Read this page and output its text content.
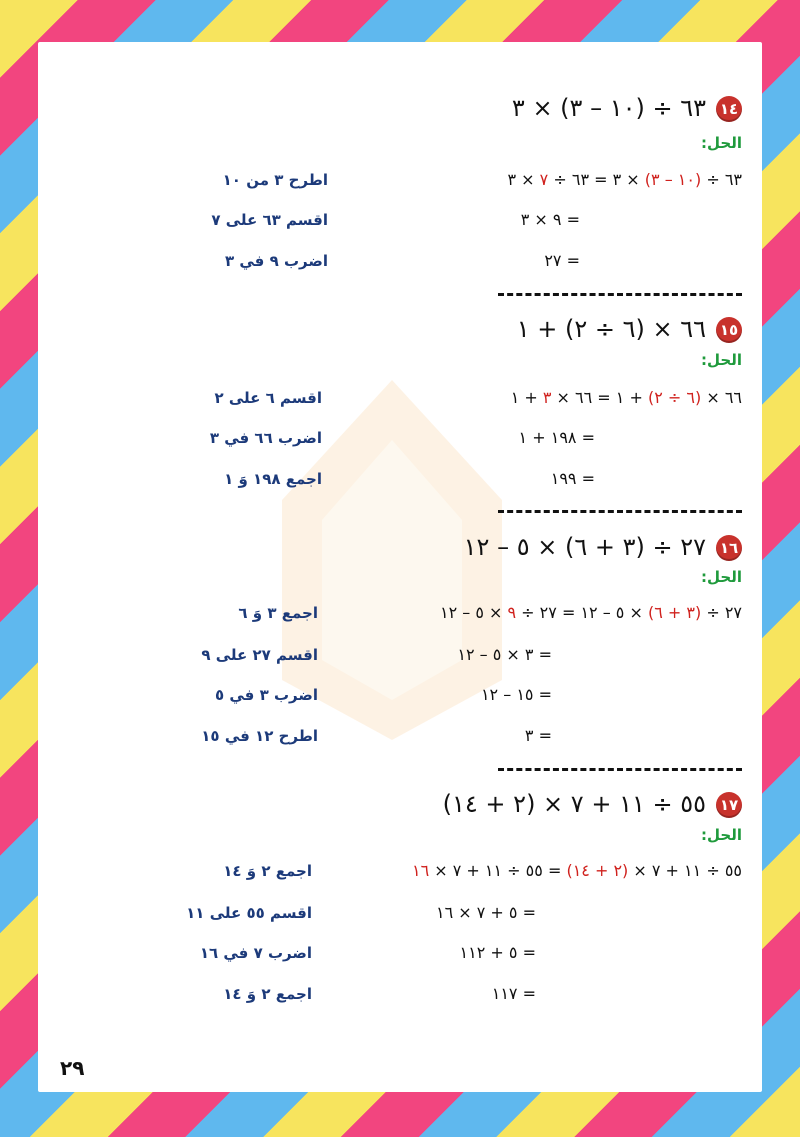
١٤٦٣ ÷ (١٠ – ٣) × ٣
الحل:
٦٣ ÷ (١٠ – ٣) × ٣ = ٦٣ ÷ ٧ × ٣
= ٩ × ٣
= ٢٧
اطرح ٣ من ١٠
اقسم ٦٣ على ٧
اضرب ٩ في ٣
١٥٦٦ × (٦ ÷ ٢) + ١
الحل:
٦٦ × (٦ ÷ ٢) + ١ = ٦٦ × ٣ + ١
= ١٩٨ + ١
= ١٩٩
اقسم ٦ على ٢
اضرب ٦٦ في ٣
اجمع ١٩٨ وَ ١
١٦٢٧ ÷ (٣ + ٦) × ٥ – ١٢
الحل:
٢٧ ÷ (٣ + ٦) × ٥ – ١٢ = ٢٧ ÷ ٩ × ٥ – ١٢
= ٣ × ٥ – ١٢
= ١٥ – ١٢
= ٣
اجمع ٣ وَ ٦
اقسم ٢٧ على ٩
اضرب ٣ في ٥
اطرح ١٢ في ١٥
١٧٥٥ ÷ ١١ + ٧ × (٢ + ١٤)
الحل:
٥٥ ÷ ١١ + ٧ × (٢ + ١٤) = ٥٥ ÷ ١١ + ٧ × ١٦
= ٥ + ٧ × ١٦
= ٥ + ١١٢
= ١١٧
اجمع ٢ وَ ١٤
اقسم ٥٥ على ١١
اضرب ٧ في ١٦
اجمع ٢ وَ ١٤
٢٩
